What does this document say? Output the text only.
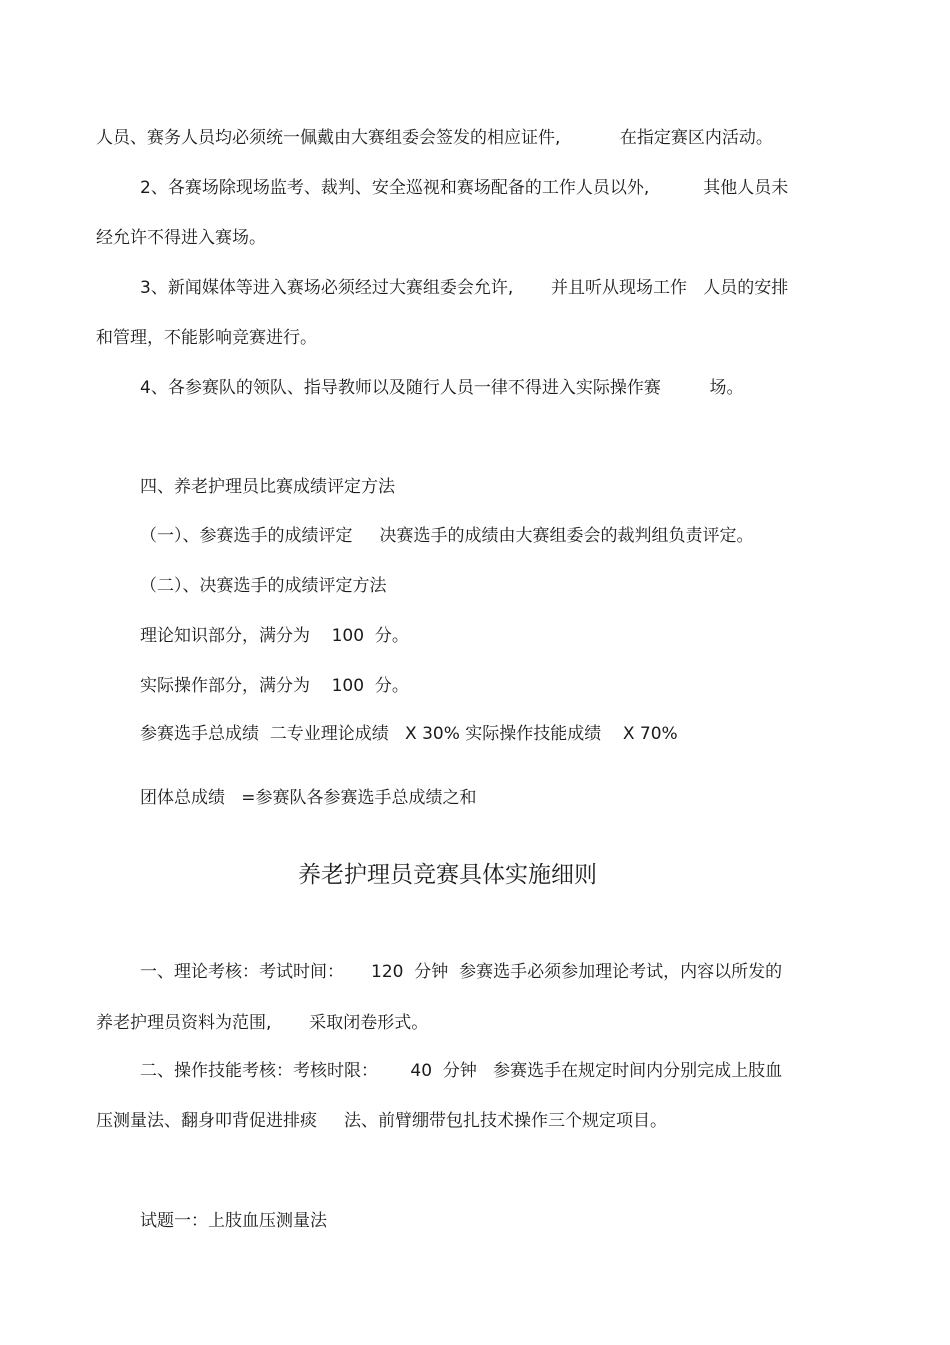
人员、赛务人员均必须统一佩戴由大赛组委会签发的相应证件,           在指定赛区内活动。
2、各赛场除现场监考、裁判、安全巡视和赛场配备的工作人员以外,          其他人员未
经允许不得进入赛场。
3、新闻媒体等进入赛场必须经过大赛组委会允许,       并且听从现场工作   人员的安排
和管理，不能影响竞赛进行。
4、各参赛队的领队、指导教师以及随行人员一律不得进入实际操作赛         场。
四、养老护理员比赛成绩评定方法
（一）、参赛选手的成绩评定     决赛选手的成绩由大赛组委会的裁判组负责评定。
（二）、决赛选手的成绩评定方法
理论知识部分，满分为    100  分。
实际操作部分，满分为    100  分。
参赛选手总成绩  二专业理论成绩   X 30% 实际操作技能成绩    X 70%
团体总成绩   =参赛队各参赛选手总成绩之和
养老护理员竞赛具体实施细则
一、理论考核：考试时间：     120  分钟  参赛选手必须参加理论考试，内容以所发的
养老护理员资料为范围,       采取闭卷形式。
二、操作技能考核：考核时限：      40  分钟   参赛选手在规定时间内分别完成上肢血
压测量法、翻身叩背促进排痰     法、前臂绷带包扎技术操作三个规定项目。
试题一：上肢血压测量法
